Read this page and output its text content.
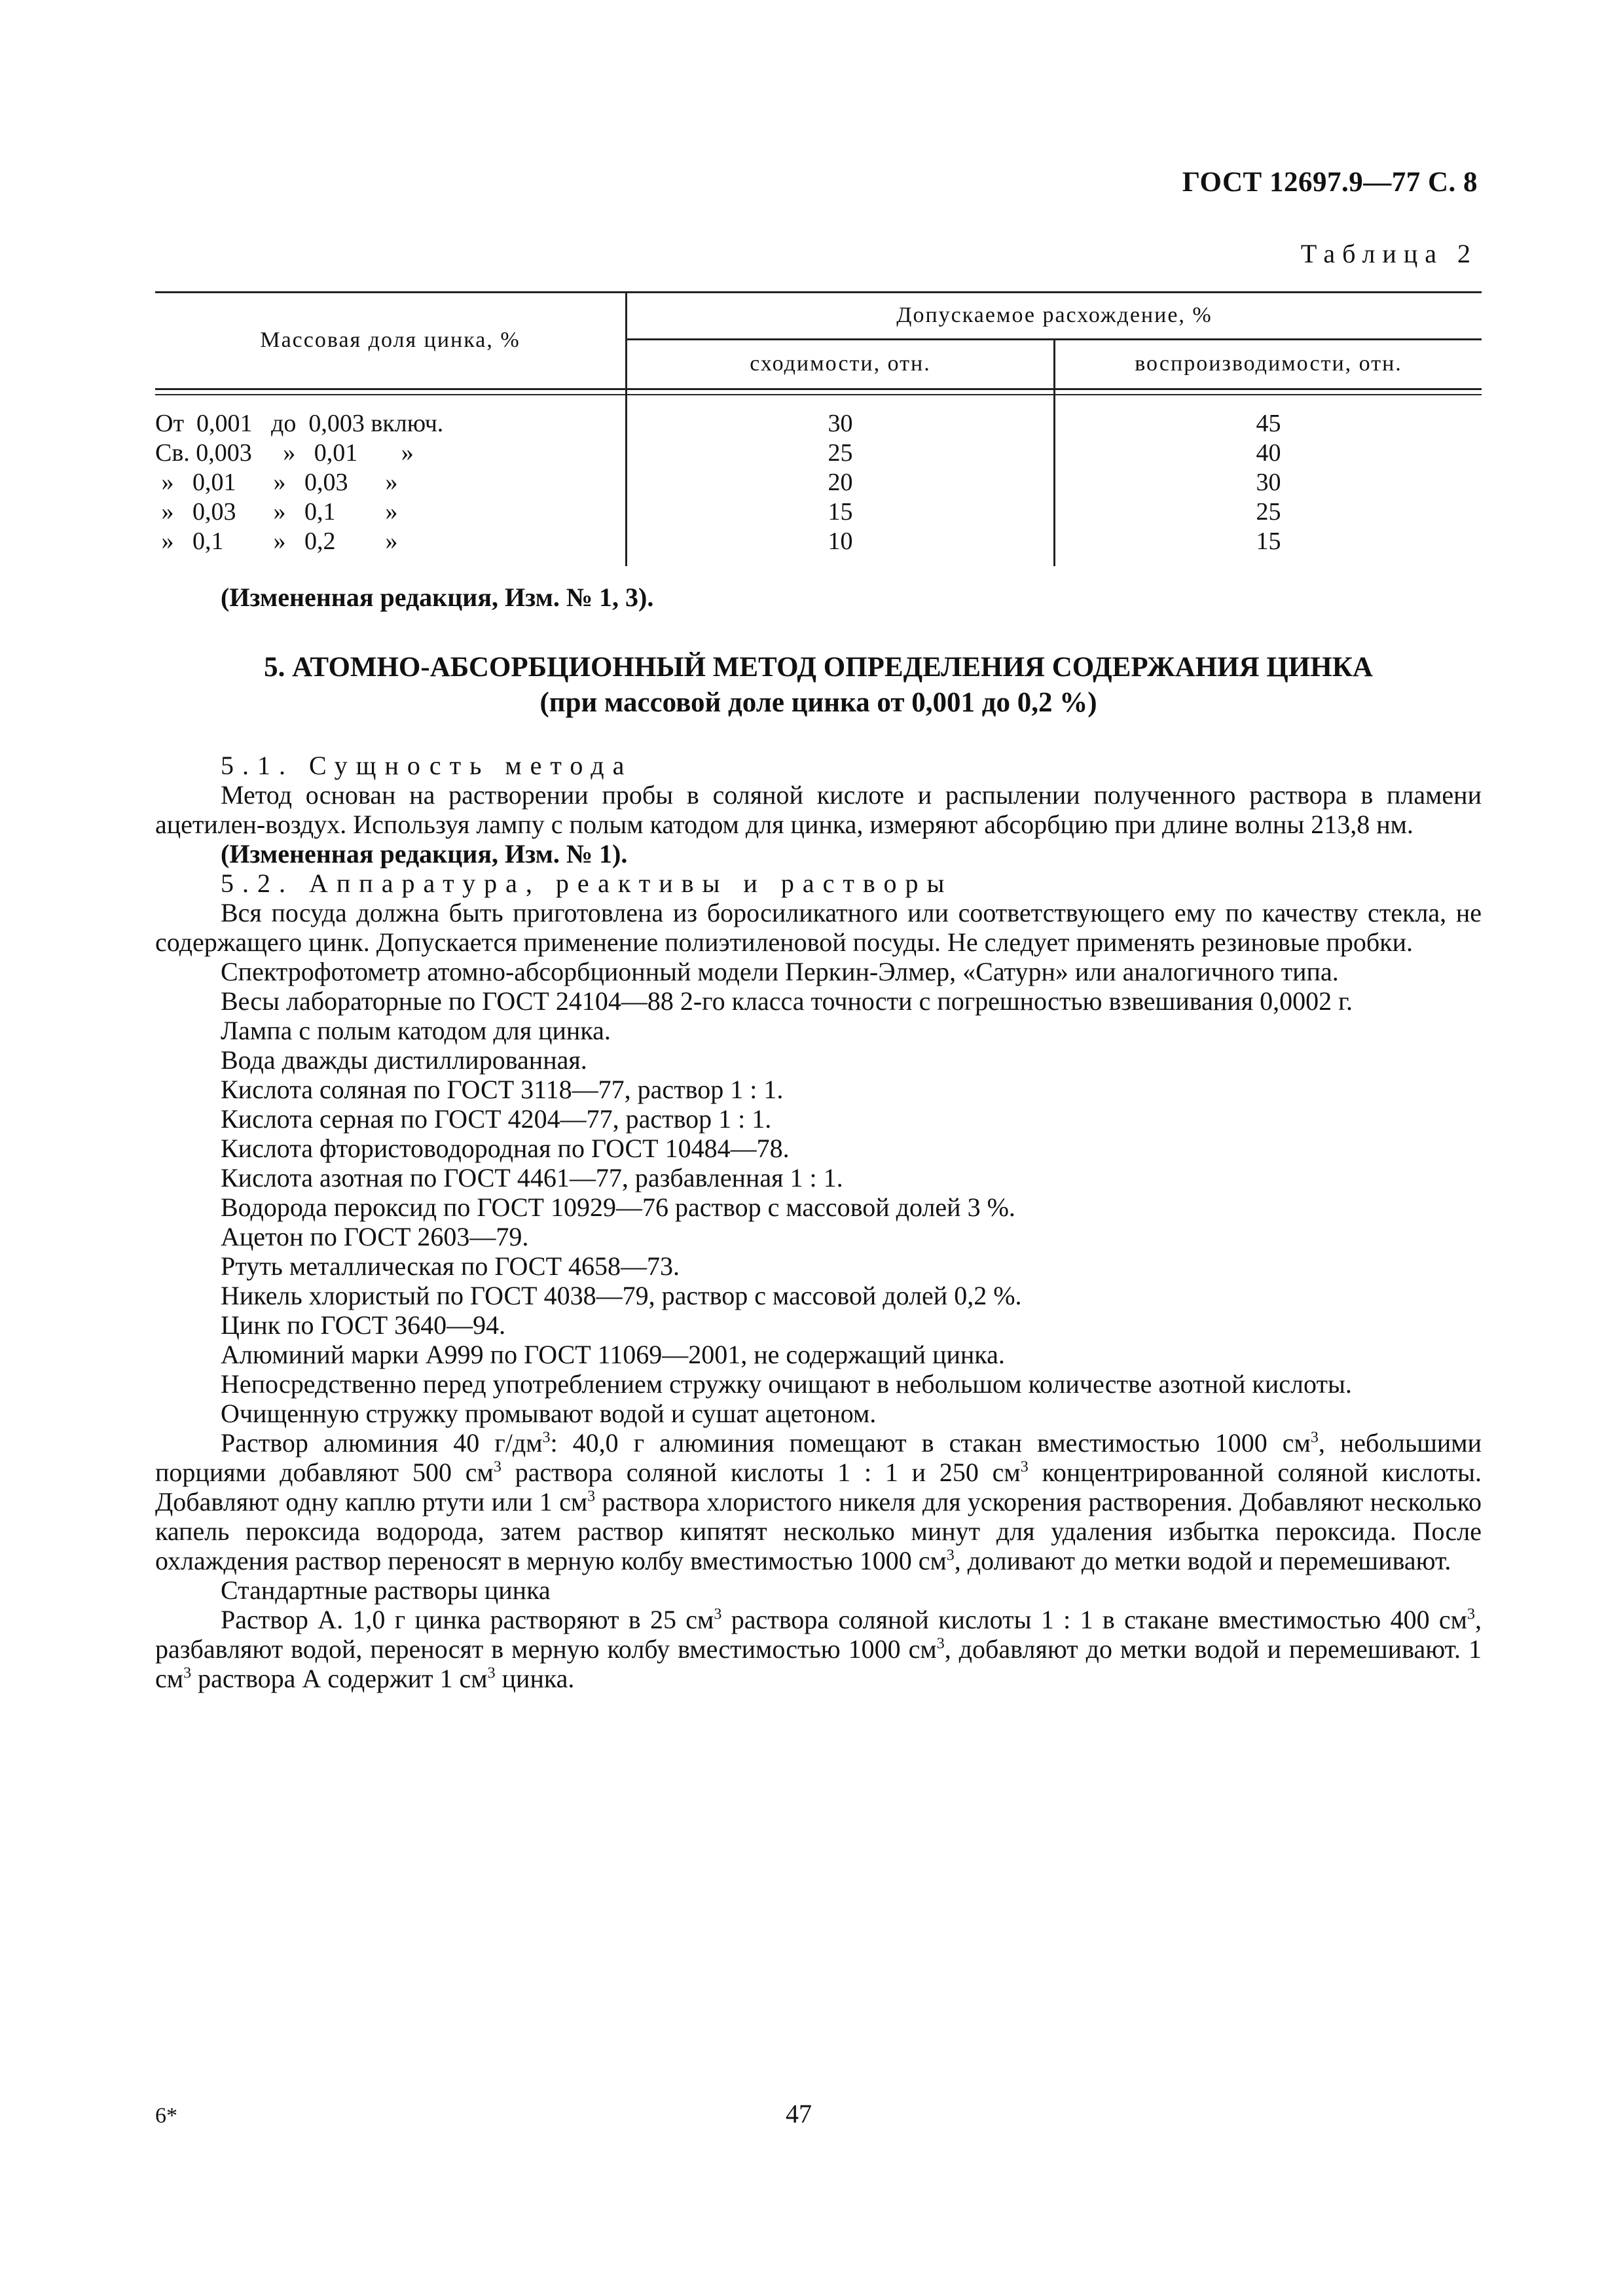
ГОСТ 12697.9—77 С. 8
Таблица 2
Массовая доля цинка, %
Допускаемое расхождение, %
сходимости, отн.	воспроизводимости, отн.
От  0,001   до  0,003 включ.	30	45
Св. 0,003     »   0,01       »	25	40
»   0,01      »   0,03      »	20	30
»   0,03      »   0,1        »	15	25
»   0,1        »   0,2        »	10	15

(Измененная редакция, Изм. № 1, 3).

5. АТОМНО-АБСОРБЦИОННЫЙ МЕТОД ОПРЕДЕЛЕНИЯ СОДЕРЖАНИЯ ЦИНКА
(при массовой доле цинка от 0,001 до 0,2 %)

5.1. Сущность метода

Метод основан на растворении пробы в соляной кислоте и распылении полученного раствора в пламени ацетилен-воздух. Используя лампу с полым катодом для цинка, измеряют абсорбцию при длине волны 213,8 нм.

(Измененная редакция, Изм. № 1).

5.2. Аппаратура, реактивы и растворы

Вся посуда должна быть приготовлена из боросиликатного или соответствующего ему по качеству стекла, не содержащего цинк. Допускается применение полиэтиленовой посуды. Не следует применять резиновые пробки.

Спектрофотометр атомно-абсорбционный модели Перкин-Элмер, «Сатурн» или аналогичного типа.

Весы лабораторные по ГОСТ 24104—88 2-го класса точности с погрешностью взвешивания 0,0002 г.

Лампа с полым катодом для цинка.

Вода дважды дистиллированная.

Кислота соляная по ГОСТ 3118—77, раствор 1 : 1.

Кислота серная по ГОСТ 4204—77, раствор 1 : 1.

Кислота фтористоводородная по ГОСТ 10484—78.

Кислота азотная по ГОСТ 4461—77, разбавленная 1 : 1.

Водорода пероксид по ГОСТ 10929—76 раствор с массовой долей 3 %.

Ацетон по ГОСТ 2603—79.

Ртуть металлическая по ГОСТ 4658—73.

Никель хлористый по ГОСТ 4038—79, раствор с массовой долей 0,2 %.

Цинк по ГОСТ 3640—94.

Алюминий марки А999 по ГОСТ 11069—2001, не содержащий цинка.

Непосредственно перед употреблением стружку очищают в небольшом количестве азотной кислоты.

Очищенную стружку промывают водой и сушат ацетоном.

Раствор алюминия 40 $г/дм^3$: 40,0 г алюминия помещают в стакан вместимостью 1000 $см^3$, небольшими порциями добавляют 500 $см^3$ раствора соляной кислоты 1 : 1 и 250 $см^3$ концентрированной соляной кислоты. Добавляют одну каплю ртути или 1 $см^3$ раствора хлористого никеля для ускорения растворения. Добавляют несколько капель пероксида водорода, затем раствор кипятят несколько минут для удаления избытка пероксида. После охлаждения раствор переносят в мерную колбу вместимостью 1000 $см^3$, доливают до метки водой и перемешивают.

Стандартные растворы цинка

Раствор А. 1,0 г цинка растворяют в 25 $см^3$ раствора соляной кислоты 1 : 1 в стакане вместимостью 400 $см^3$, разбавляют водой, переносят в мерную колбу вместимостью 1000 $см^3$, добавляют до метки водой и перемешивают. 1 $см^3$ раствора А содержит 1 $см^3$ цинка.

6*	47
